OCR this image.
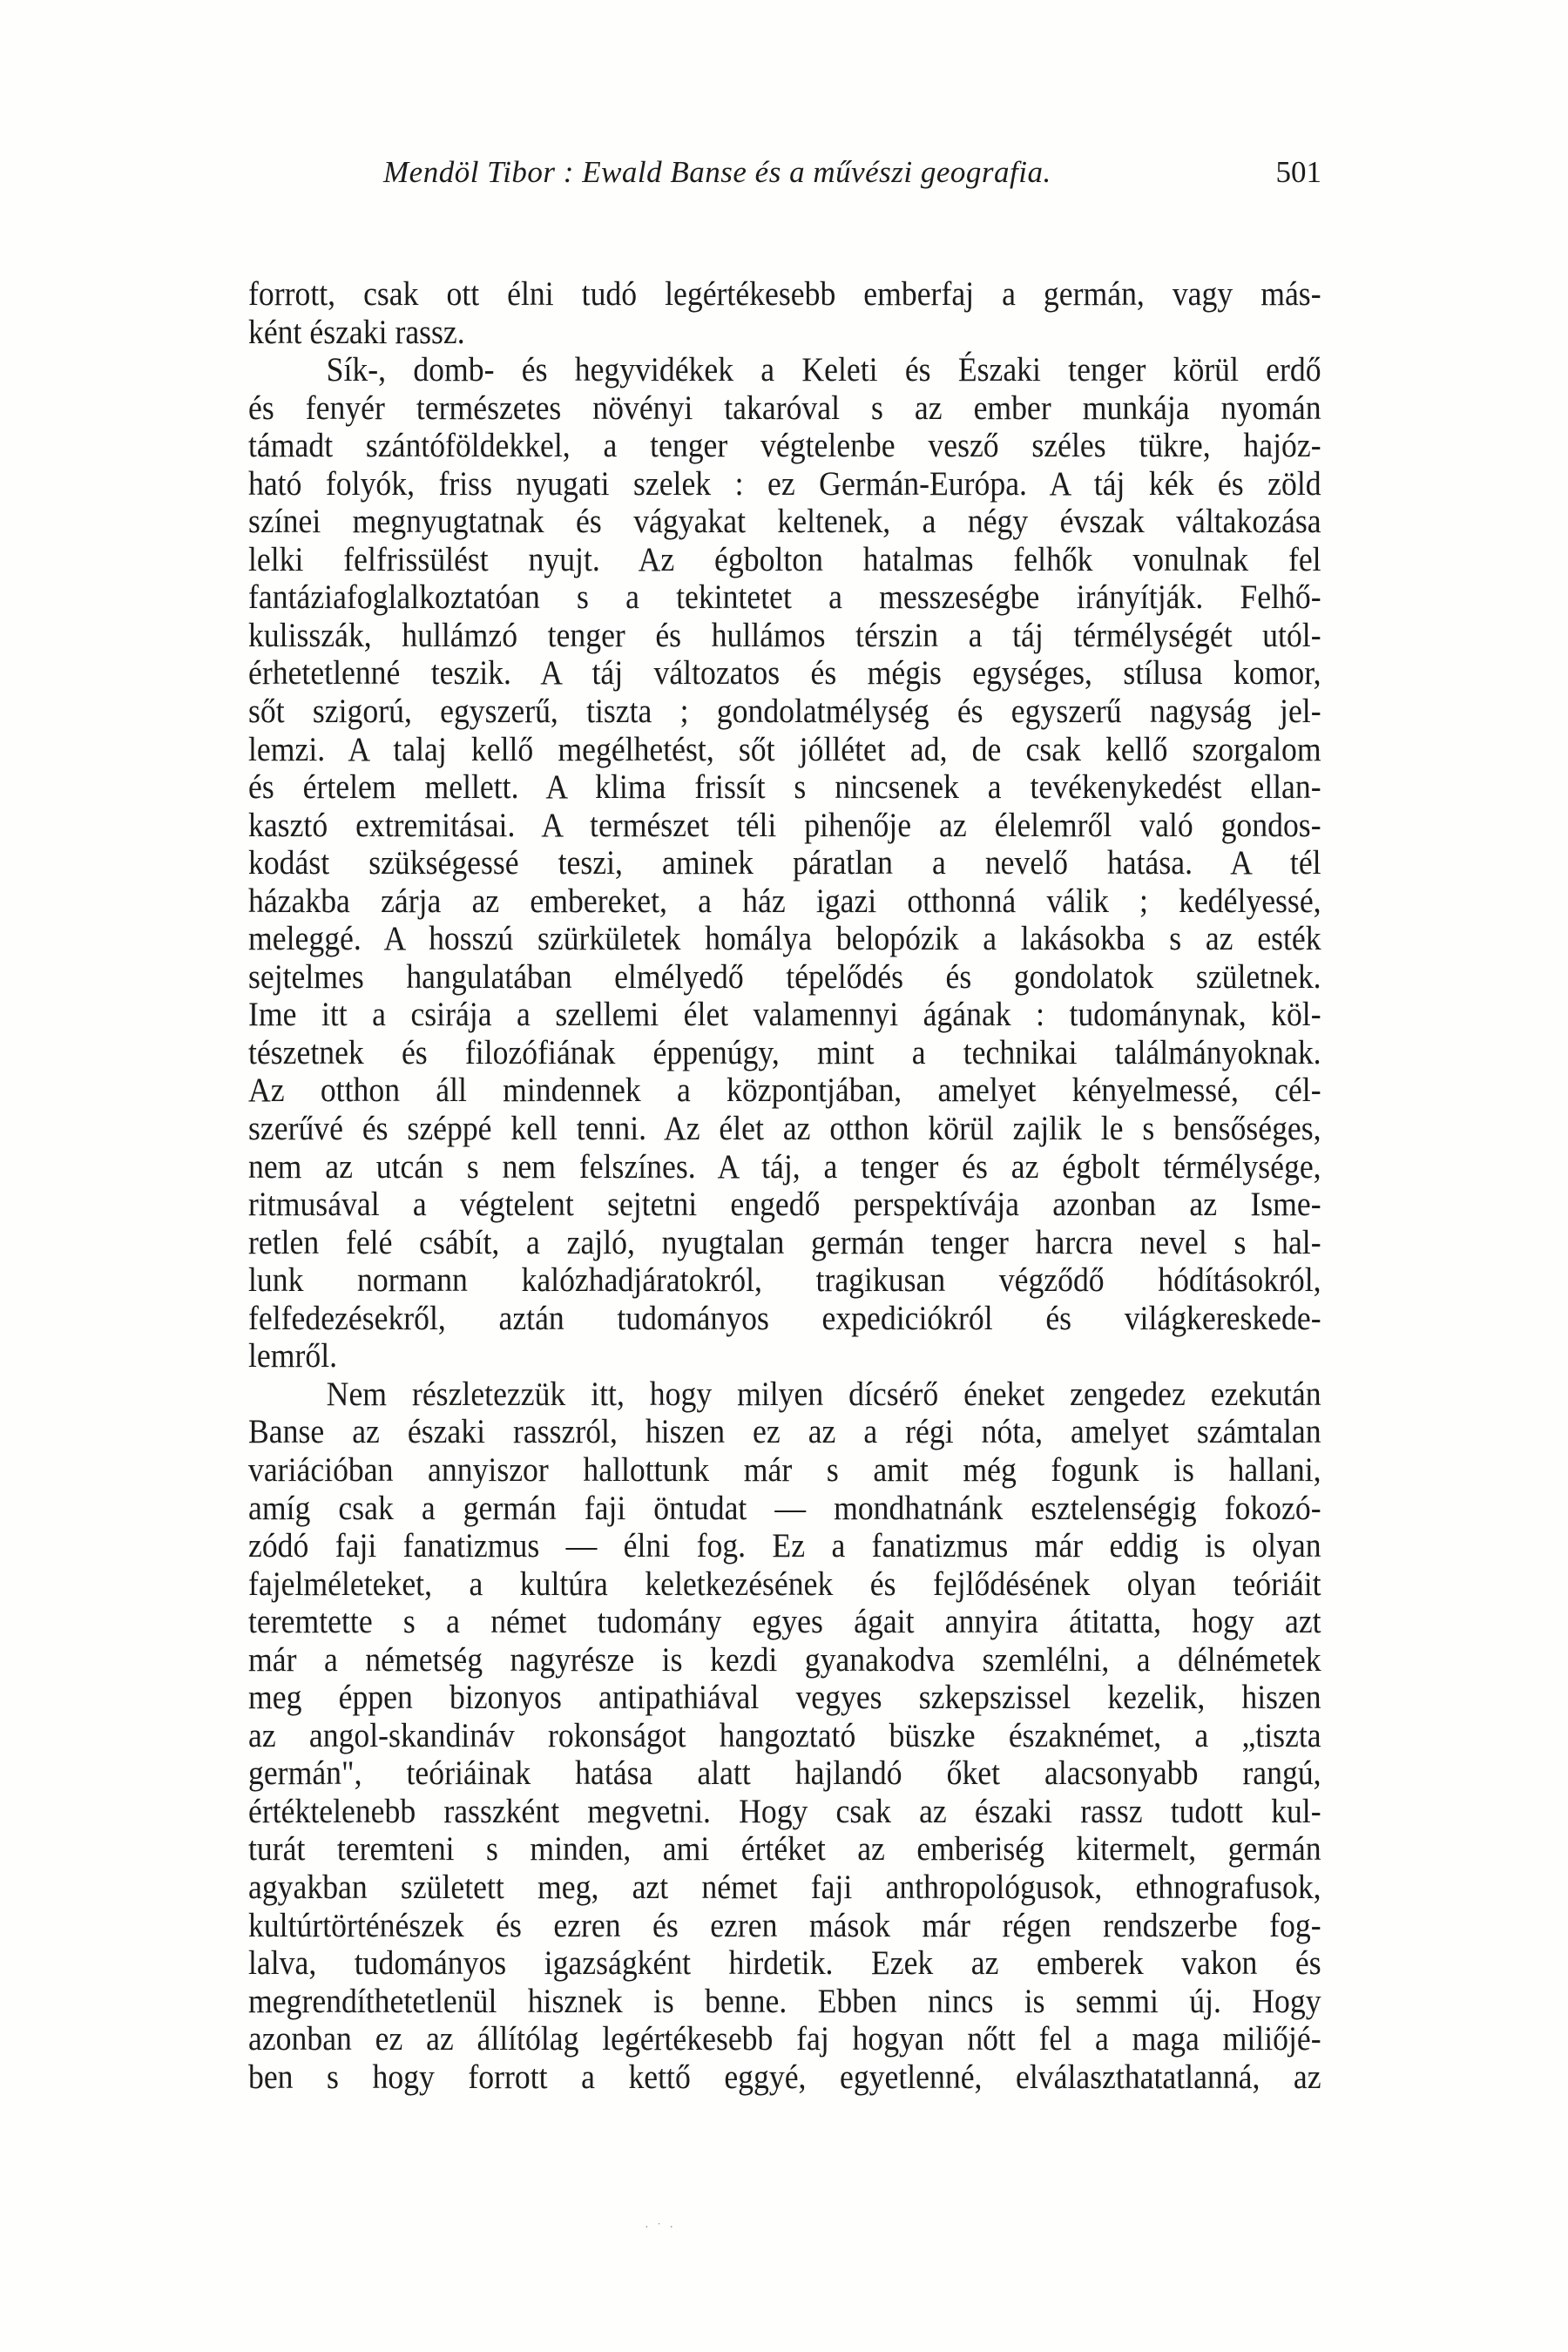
Mendöl Tibor : Ewald Banse és a művészi geografia.	501
forrott, csak ott élni tudó legértékesebb emberfaj a germán, vagy más-
ként északi rassz.
Sík-, domb- és hegyvidékek a Keleti és Északi tenger körül erdő
és fenyér természetes növényi takaróval s az ember munkája nyomán
támadt szántóföldekkel, a tenger végtelenbe vesző széles tükre, hajóz-
ható folyók, friss nyugati szelek : ez Germán-Európa. A táj kék és zöld
színei megnyugtatnak és vágyakat keltenek, a négy évszak váltakozása
lelki felfrissülést nyujt. Az égbolton hatalmas felhők vonulnak fel
fantáziafoglalkoztatóan s a tekintetet a messzeségbe irányítják. Felhő-
kulisszák, hullámzó tenger és hullámos térszin a táj térmélységét utól-
érhetetlenné teszik. A táj változatos és mégis egységes, stílusa komor,
sőt szigorú, egyszerű, tiszta ; gondolatmélység és egyszerű nagyság jel-
lemzi. A talaj kellő megélhetést, sőt jóllétet ad, de csak kellő szorgalom
és értelem mellett. A klima frissít s nincsenek a tevékenykedést ellan-
kasztó extremitásai. A természet téli pihenője az élelemről való gondos-
kodást szükségessé teszi, aminek páratlan a nevelő hatása. A tél
házakba zárja az embereket, a ház igazi otthonná válik ; kedélyessé,
meleggé. A hosszú szürkületek homálya belopózik a lakásokba s az esték
sejtelmes hangulatában elmélyedő tépelődés és gondolatok születnek.
Ime itt a csirája a szellemi élet valamennyi ágának : tudománynak, köl-
tészetnek és filozófiának éppenúgy, mint a technikai találmányoknak.
Az otthon áll mindennek a központjában, amelyet kényelmessé, cél-
szerűvé és széppé kell tenni. Az élet az otthon körül zajlik le s bensőséges,
nem az utcán s nem felszínes. A táj, a tenger és az égbolt térmélysége,
ritmusával a végtelent sejtetni engedő perspektívája azonban az Isme-
retlen felé csábít, a zajló, nyugtalan germán tenger harcra nevel s hal-
lunk normann kalózhadjáratokról, tragikusan végződő hódításokról,
felfedezésekről, aztán tudományos expediciókról és világkereskede-
lemről.
Nem részletezzük itt, hogy milyen dícsérő éneket zengedez ezekután
Banse az északi rasszról, hiszen ez az a régi nóta, amelyet számtalan
variációban annyiszor hallottunk már s amit még fogunk is hallani,
amíg csak a germán faji öntudat — mondhatnánk esztelenségig fokozó-
zódó faji fanatizmus — élni fog. Ez a fanatizmus már eddig is olyan
fajelméleteket, a kultúra keletkezésének és fejlődésének olyan teóriáit
teremtette s a német tudomány egyes ágait annyira átitatta, hogy azt
már a németség nagyrésze is kezdi gyanakodva szemlélni, a délnémetek
meg éppen bizonyos antipathiával vegyes szkepszissel kezelik, hiszen
az angol-skandináv rokonságot hangoztató büszke északnémet, a „tiszta
germán", teóriáinak hatása alatt hajlandó őket alacsonyabb rangú,
értéktelenebb rasszként megvetni. Hogy csak az északi rassz tudott kul-
turát teremteni s minden, ami értéket az emberiség kitermelt, germán
agyakban született meg, azt német faji anthropológusok, ethnografusok,
kultúrtörténészek és ezren és ezren mások már régen rendszerbe fog-
lalva, tudományos igazságként hirdetik. Ezek az emberek vakon és
megrendíthetetlenül hisznek is benne. Ebben nincs is semmi új. Hogy
azonban ez az állítólag legértékesebb faj hogyan nőtt fel a maga miliőjé-
ben s hogy forrott a kettő eggyé, egyetlenné, elválaszthatatlanná, az
· ˙ ·
